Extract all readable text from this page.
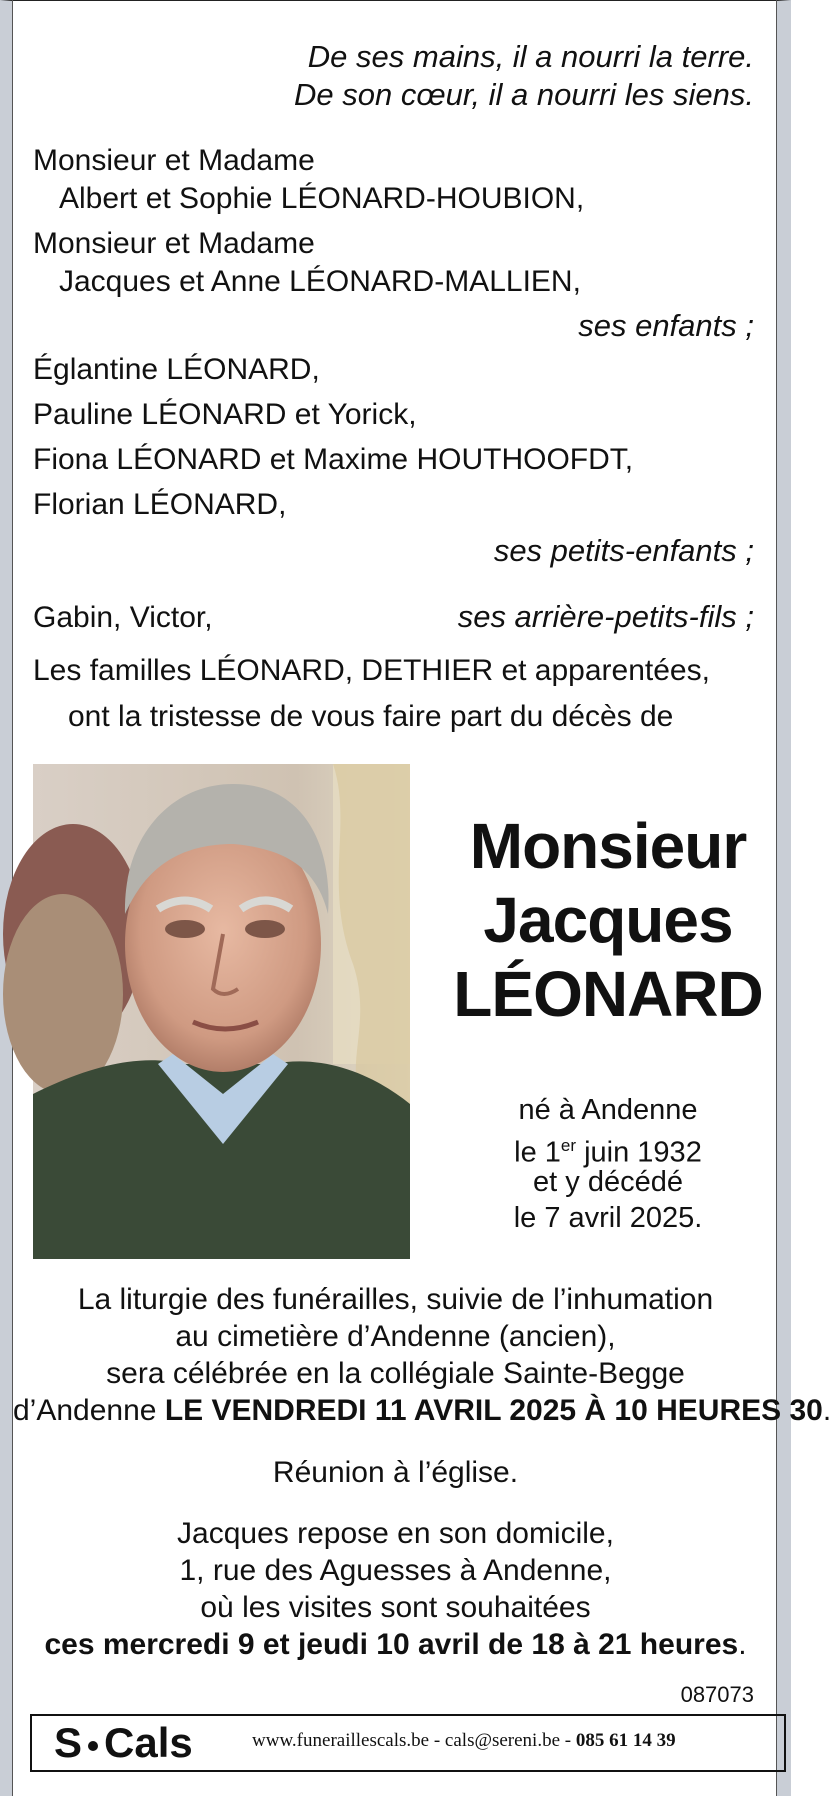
De ses mains, il a nourri la terre.
De son cœur, il a nourri les siens.
Monsieur et Madame
Albert et Sophie LÉONARD-HOUBION,
Monsieur et Madame
Jacques et Anne LÉONARD-MALLIEN,
ses enfants ;
Églantine LÉONARD,
Pauline LÉONARD et Yorick,
Fiona LÉONARD et Maxime HOUTHOOFDT,
Florian LÉONARD,
ses petits-enfants ;
Gabin, Victor,	ses arrière-petits-fils ;
Les familles LÉONARD, DETHIER et apparentées,
ont la tristesse de vous faire part du décès de
Monsieur
Jacques
LÉONARD
né à Andenne
le 1er juin 1932
et y décédé
le 7 avril 2025.
La liturgie des funérailles, suivie de l’inhumation
au cimetière d’Andenne (ancien),
sera célébrée en la collégiale Sainte-Begge
d’Andenne LE VENDREDI 11 AVRIL 2025 À 10 HEURES 30.
Réunion à l’église.
Jacques repose en son domicile,
1, rue des Aguesses à Andenne,
où les visites sont souhaitées
ces mercredi 9 et jeudi 10 avril de 18 à 21 heures.
087073
S Cals	www.funeraillescals.be - cals@sereni.be - 085 61 14 39
